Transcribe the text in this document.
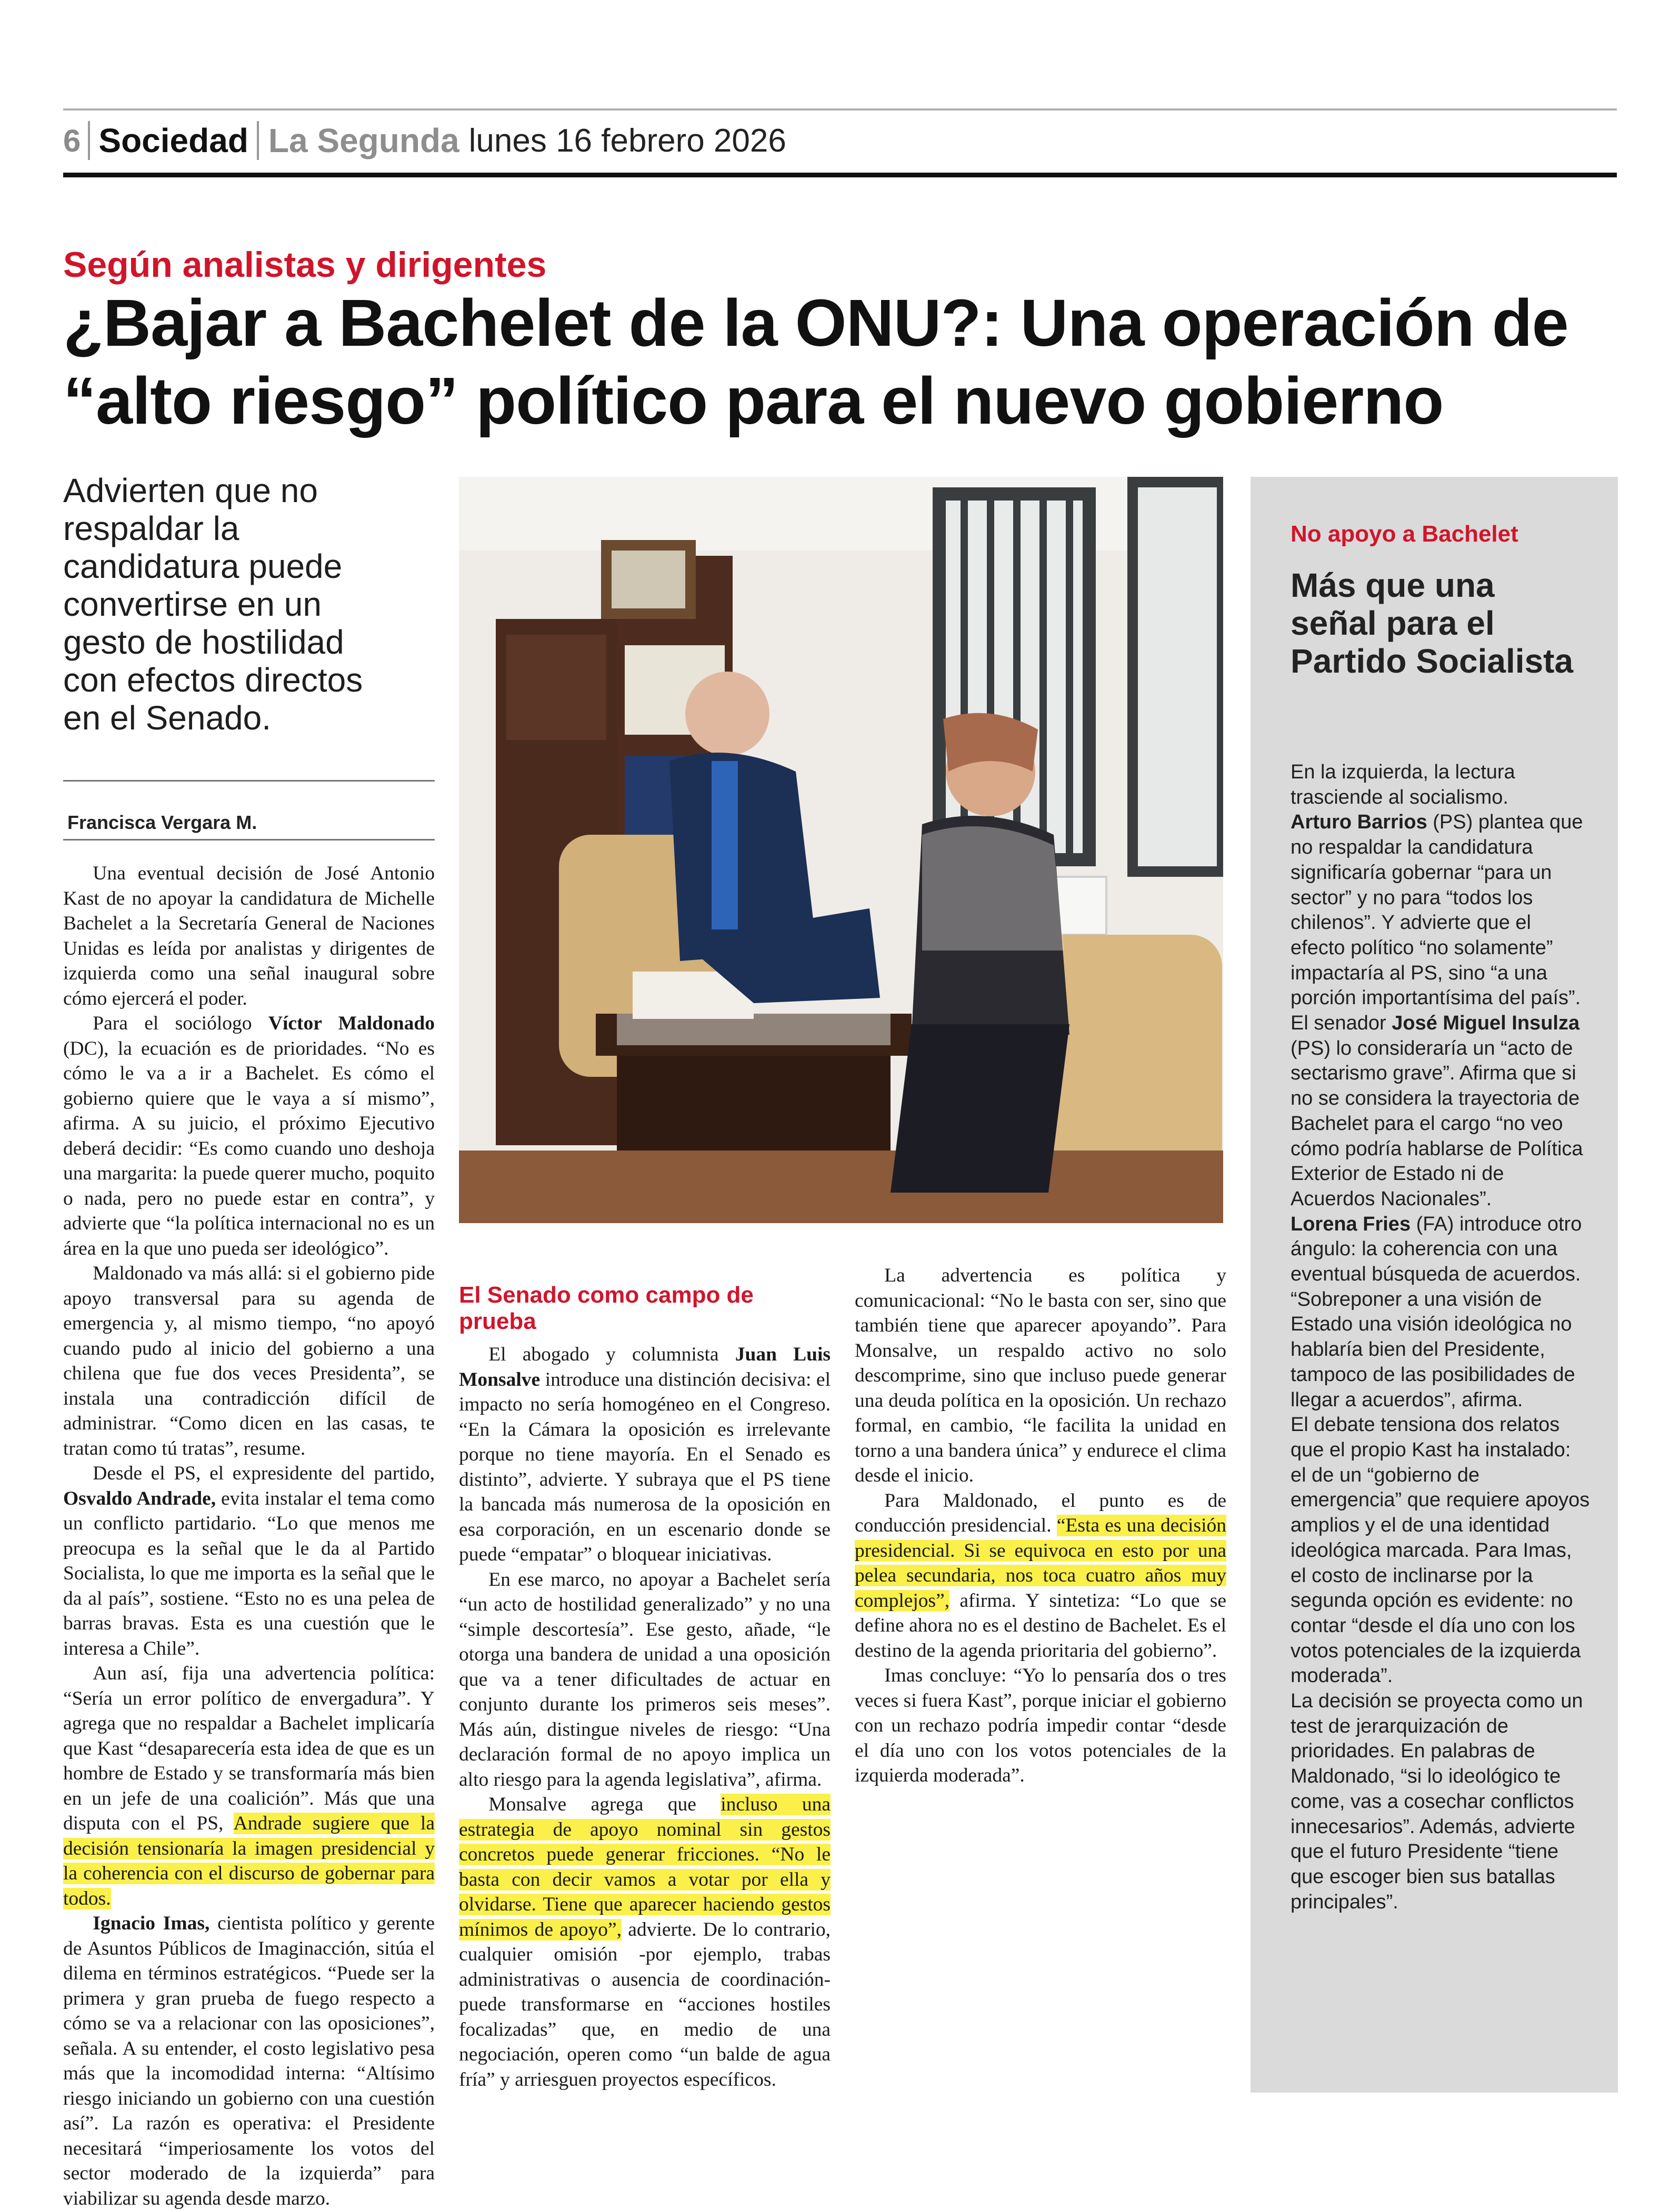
6 Sociedad La Segunda lunes 16 febrero 2026
Según analistas y dirigentes
¿Bajar a Bachelet de la ONU?: Una operación de “alto riesgo” político para el nuevo gobierno
Advierten que no respaldar la candidatura puede convertirse en un gesto de hostilidad con efectos directos en el Senado.
Francisca Vergara M.

Una eventual decisión de José Antonio Kast de no apoyar la candidatura de Michelle Bachelet a la Secretaría General de Naciones Unidas es leída por analistas y dirigentes de izquierda como una señal inaugural sobre cómo ejercerá el poder.

Para el sociólogo Víctor Maldonado (DC), la ecuación es de prioridades. “No es cómo le va a ir a Bachelet. Es cómo el gobierno quiere que le vaya a sí mismo”, afirma. A su juicio, el próximo Ejecutivo deberá decidir: “Es como cuando uno deshoja una margarita: la puede querer mucho, poquito o nada, pero no puede estar en contra”, y advierte que “la política internacional no es un área en la que uno pueda ser ideológico”.

Maldonado va más allá: si el gobierno pide apoyo transversal para su agenda de emergencia y, al mismo tiempo, “no apoyó cuando pudo al inicio del gobierno a una chilena que fue dos veces Presidenta”, se instala una contradicción difícil de administrar. “Como dicen en las casas, te tratan como tú tratas”, resume.

Desde el PS, el expresidente del partido, Osvaldo Andrade, evita instalar el tema como un conflicto partidario. “Lo que menos me preocupa es la señal que le da al Partido Socialista, lo que me importa es la señal que le da al país”, sostiene. “Esto no es una pelea de barras bravas. Esta es una cuestión que le interesa a Chile”.

Aun así, fija una advertencia política: “Sería un error político de envergadura”. Y agrega que no respaldar a Bachelet implicaría que Kast “desaparecería esta idea de que es un hombre de Estado y se transformaría más bien en un jefe de una coalición”. Más que una disputa con el PS, Andrade sugiere que la decisión tensionaría la imagen presidencial y la coherencia con el discurso de gobernar para todos.

Ignacio Imas, cientista político y gerente de Asuntos Públicos de Imaginacción, sitúa el dilema en términos estratégicos. “Puede ser la primera y gran prueba de fuego respecto a cómo se va a relacionar con las oposiciones”, señala. A su entender, el costo legislativo pesa más que la incomodidad interna: “Altísimo riesgo iniciando un gobierno con una cuestión así”. La razón es operativa: el Presidente necesitará “imperiosamente los votos del sector moderado de la izquierda” para viabilizar su agenda desde marzo.

El Senado como campo de prueba

El abogado y columnista Juan Luis Monsalve introduce una distinción decisiva: el impacto no sería homogéneo en el Congreso. “En la Cámara la oposición es irrelevante porque no tiene mayoría. En el Senado es distinto”, advierte. Y subraya que el PS tiene la bancada más numerosa de la oposición en esa corporación, en un escenario donde se puede “empatar” o bloquear iniciativas.

En ese marco, no apoyar a Bachelet sería “un acto de hostilidad generalizado” y no una “simple descortesía”. Ese gesto, añade, “le otorga una bandera de unidad a una oposición que va a tener dificultades de actuar en conjunto durante los primeros seis meses”. Más aún, distingue niveles de riesgo: “Una declaración formal de no apoyo implica un alto riesgo para la agenda legislativa”, afirma.

Monsalve agrega que incluso una estrategia de apoyo nominal sin gestos concretos puede generar fricciones. “No le basta con decir vamos a votar por ella y olvidarse. Tiene que aparecer haciendo gestos mínimos de apoyo”, advierte. De lo contrario, cualquier omisión -por ejemplo, trabas administrativas o ausencia de coordinación- puede transformarse en “acciones hostiles focalizadas” que, en medio de una negociación, operen como “un balde de agua fría” y arriesguen proyectos específicos.

La advertencia es política y comunicacional: “No le basta con ser, sino que también tiene que aparecer apoyando”. Para Monsalve, un respaldo activo no solo descomprime, sino que incluso puede generar una deuda política en la oposición. Un rechazo formal, en cambio, “le facilita la unidad en torno a una bandera única” y endurece el clima desde el inicio.

Para Maldonado, el punto es de conducción presidencial. “Esta es una decisión presidencial. Si se equivoca en esto por una pelea secundaria, nos toca cuatro años muy complejos”, afirma. Y sintetiza: “Lo que se define ahora no es el destino de Bachelet. Es el destino de la agenda prioritaria del gobierno”.

Imas concluye: “Yo lo pensaría dos o tres veces si fuera Kast”, porque iniciar el gobierno con un rechazo podría impedir contar “desde el día uno con los votos potenciales de la izquierda moderada”.

No apoyo a Bachelet
Más que una señal para el Partido Socialista

En la izquierda, la lectura trasciende al socialismo.

Arturo Barrios (PS) plantea que no respaldar la candidatura significaría gobernar “para un sector” y no para “todos los chilenos”. Y advierte que el efecto político “no solamente” impactaría al PS, sino “a una porción importantísima del país”.

El senador José Miguel Insulza (PS) lo consideraría un “acto de sectarismo grave”. Afirma que si no se considera la trayectoria de Bachelet para el cargo “no veo cómo podría hablarse de Política Exterior de Estado ni de Acuerdos Nacionales”.

Lorena Fries (FA) introduce otro ángulo: la coherencia con una eventual búsqueda de acuerdos. “Sobreponer a una visión de Estado una visión ideológica no hablaría bien del Presidente, tampoco de las posibilidades de llegar a acuerdos”, afirma.

El debate tensiona dos relatos que el propio Kast ha instalado: el de un “gobierno de emergencia” que requiere apoyos amplios y el de una identidad ideológica marcada. Para Imas, el costo de inclinarse por la segunda opción es evidente: no contar “desde el día uno con los votos potenciales de la izquierda moderada”.

La decisión se proyecta como un test de jerarquización de prioridades. En palabras de Maldonado, “si lo ideológico te come, vas a cosechar conflictos innecesarios”. Además, advierte que el futuro Presidente “tiene que escoger bien sus batallas principales”.
